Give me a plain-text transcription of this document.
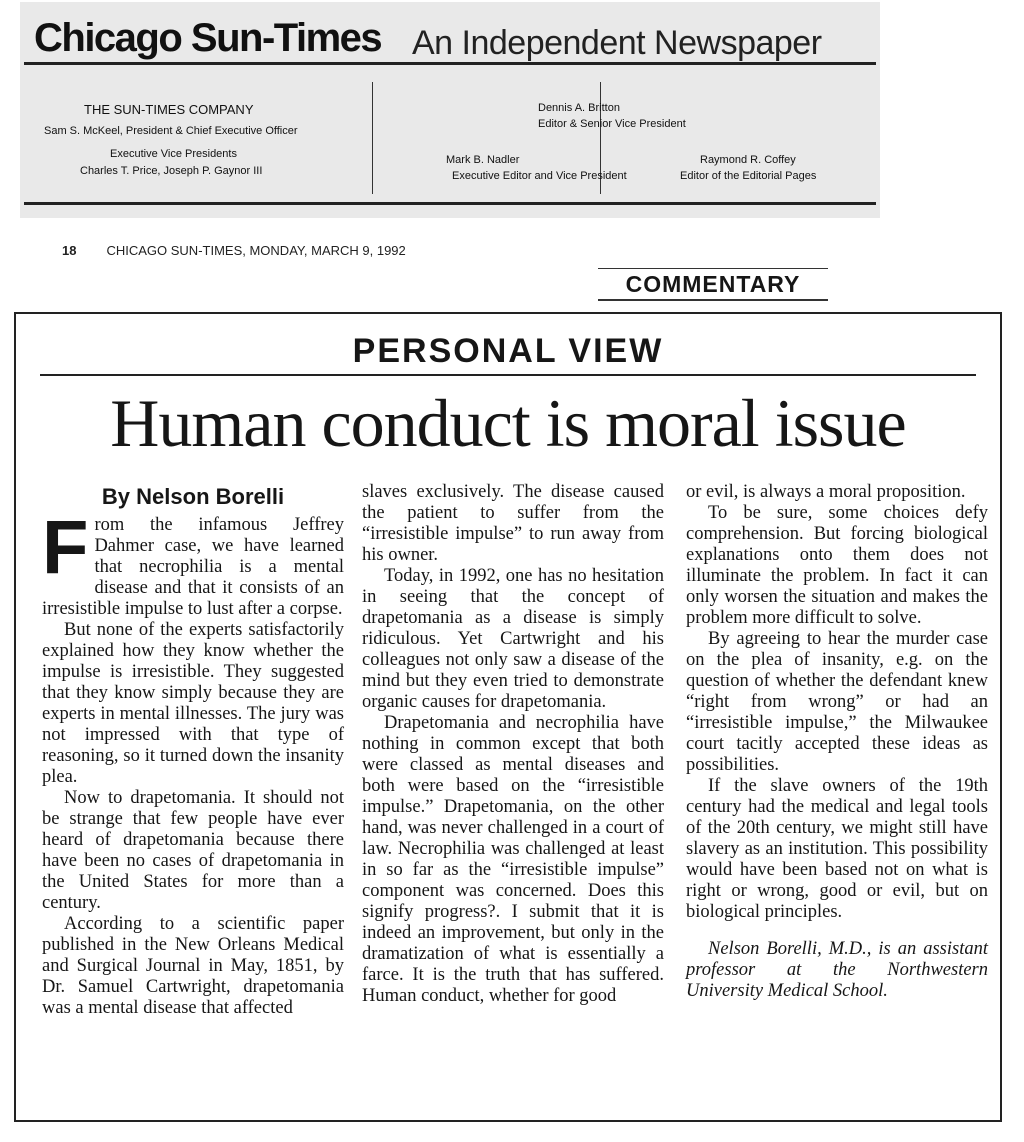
Chicago Sun-Times An Independent Newspaper
THE SUN-TIMES COMPANY
Sam S. McKeel, President & Chief Executive Officer
Executive Vice Presidents
Charles T. Price, Joseph P. Gaynor III
Dennis A. Britton
Editor & Senior Vice President
Mark B. Nadler
Executive Editor and Vice President
Raymond R. Coffey
Editor of the Editorial Pages
18 CHICAGO SUN-TIMES, MONDAY, MARCH 9, 1992
COMMENTARY
PERSONAL VIEW
Human conduct is moral issue
By Nelson Borelli

From the infamous Jeffrey Dahmer case, we have learned that necrophilia is a mental disease and that it consists of an irresistible impulse to lust after a corpse.

But none of the experts satisfactorily explained how they know whether the impulse is irresistible. They suggested that they know simply because they are experts in mental illnesses. The jury was not impressed with that type of reasoning, so it turned down the insanity plea.

Now to drapetomania. It should not be strange that few people have ever heard of drapetomania because there have been no cases of drapetomania in the United States for more than a century.

According to a scientific paper published in the New Orleans Medical and Surgical Journal in May, 1851, by Dr. Samuel Cartwright, drapetomania was a mental disease that affected

slaves exclusively. The disease caused the patient to suffer from the “irresistible impulse” to run away from his owner.

Today, in 1992, one has no hesitation in seeing that the concept of drapetomania as a disease is simply ridiculous. Yet Cartwright and his colleagues not only saw a disease of the mind but they even tried to demonstrate organic causes for drapetomania.

Drapetomania and necrophilia have nothing in common except that both were classed as mental diseases and both were based on the “irresistible impulse.” Drapetomania, on the other hand, was never challenged in a court of law. Necrophilia was challenged at least in so far as the “irresistible impulse” component was concerned. Does this signify progress?. I submit that it is indeed an improvement, but only in the dramatization of what is essentially a farce. It is the truth that has suffered. Human conduct, whether for good

or evil, is always a moral proposition.

To be sure, some choices defy comprehension. But forcing biological explanations onto them does not illuminate the problem. In fact it can only worsen the situation and makes the problem more difficult to solve.

By agreeing to hear the murder case on the plea of insanity, e.g. on the question of whether the defendant knew “right from wrong” or had an “irresistible impulse,” the Milwaukee court tacitly accepted these ideas as possibilities.

If the slave owners of the 19th century had the medical and legal tools of the 20th century, we might still have slavery as an institution. This possibility would have been based not on what is right or wrong, good or evil, but on biological principles.

Nelson Borelli, M.D., is an assistant professor at the Northwestern University Medical School.
